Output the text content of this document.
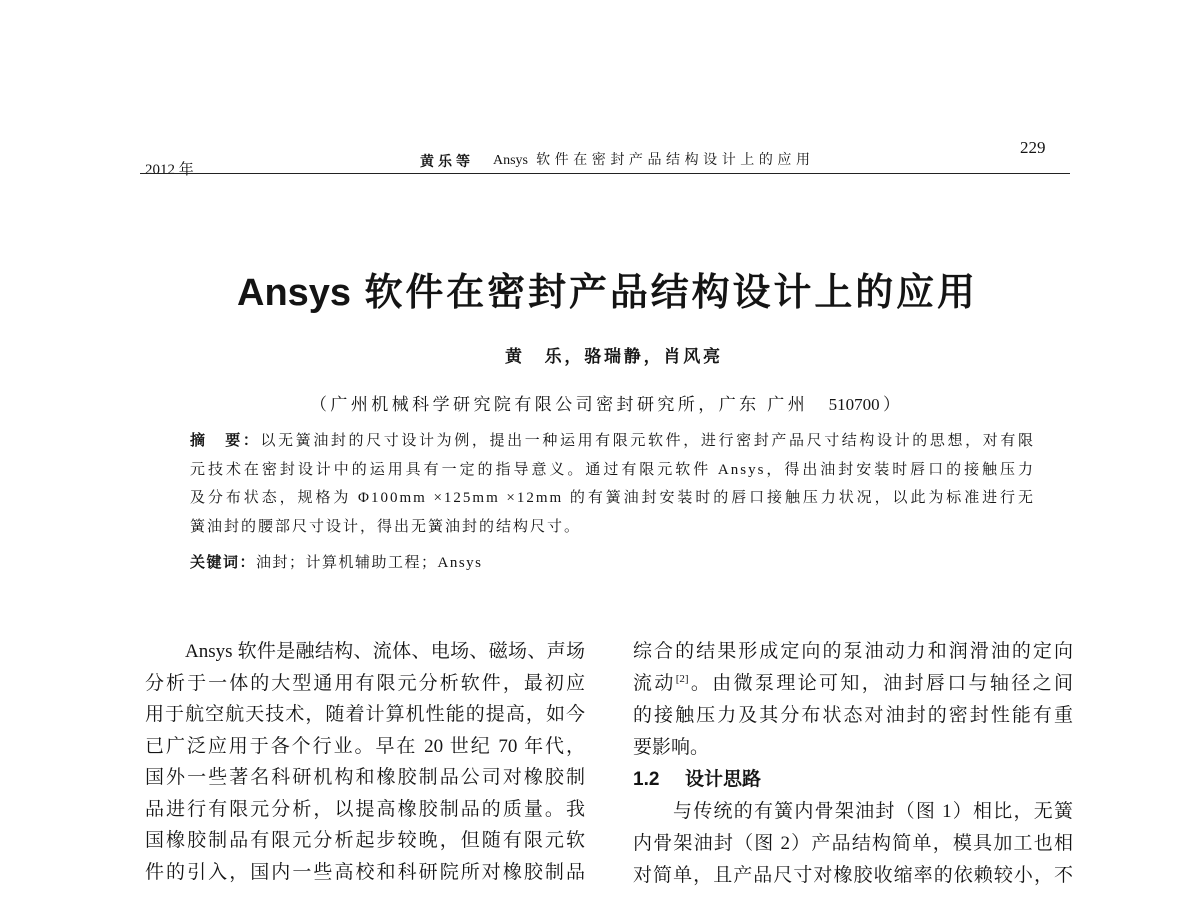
2012 年
黄乐等 Ansys 软件在密封产品结构设计上的应用
229
Ansys 软件在密封产品结构设计上的应用
黄　乐，骆瑞静，肖风亮
（广州机械科学研究院有限公司密封研究所，广东 广州　510700）
摘　要：以无簧油封的尺寸设计为例，提出一种运用有限元软件，进行密封产品尺寸结构设计的思想，对有限
元技术在密封设计中的运用具有一定的指导意义。通过有限元软件 Ansys，得出油封安装时唇口的接触压力
及分布状态，规格为 Φ100mm ×125mm ×12mm 的有簧油封安装时的唇口接触压力状况，以此为标准进行无
簧油封的腰部尺寸设计，得出无簧油封的结构尺寸。
关键词：油封；计算机辅助工程；Ansys
Ansys 软件是融结构、流体、电场、磁场、声场
分析于一体的大型通用有限元分析软件，最初应
用于航空航天技术，随着计算机性能的提高，如今
已广泛应用于各个行业。早在 20 世纪 70 年代，
国外一些著名科研机构和橡胶制品公司对橡胶制
品进行有限元分析，以提高橡胶制品的质量。我
国橡胶制品有限元分析起步较晚，但随有限元软
件的引入，国内一些高校和科研院所对橡胶制品
综合的结果形成定向的泵油动力和润滑油的定向
流动[2]。由微泵理论可知，油封唇口与轴径之间
的接触压力及其分布状态对油封的密封性能有重
要影响。
1.2 设计思路
与传统的有簧内骨架油封（图 1）相比，无簧
内骨架油封（图 2）产品结构简单，模具加工也相
对简单，且产品尺寸对橡胶收缩率的依赖较小，不
